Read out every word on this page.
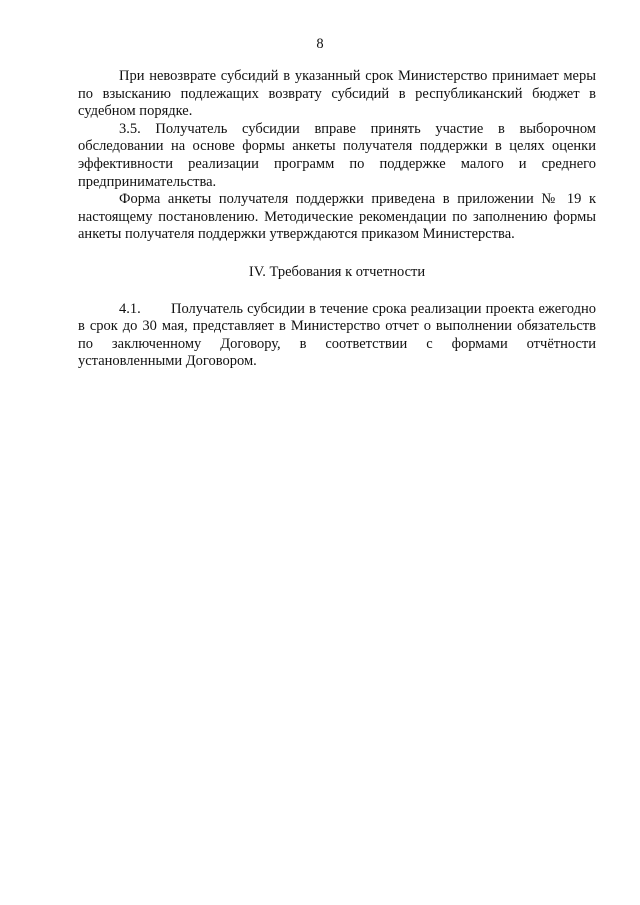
8

При невозврате субсидий в указанный срок Министерство принимает меры по взысканию подлежащих возврату субсидий в республиканский бюджет в судебном порядке.

3.5. Получатель субсидии вправе принять участие в выборочном обследовании на основе формы анкеты получателя поддержки в целях оценки эффективности реализации программ по поддержке малого и среднего предпринимательства.

Форма анкеты получателя поддержки приведена в приложении № 19 к настоящему постановлению. Методические рекомендации по заполнению формы анкеты получателя поддержки утверждаются приказом Министерства.

IV. Требования к отчетности

4.1. Получатель субсидии в течение срока реализации проекта ежегодно в срок до 30 мая, представляет в Министерство отчет о выполнении обязательств по заключенному Договору, в соответствии с формами отчётности установленными Договором.
